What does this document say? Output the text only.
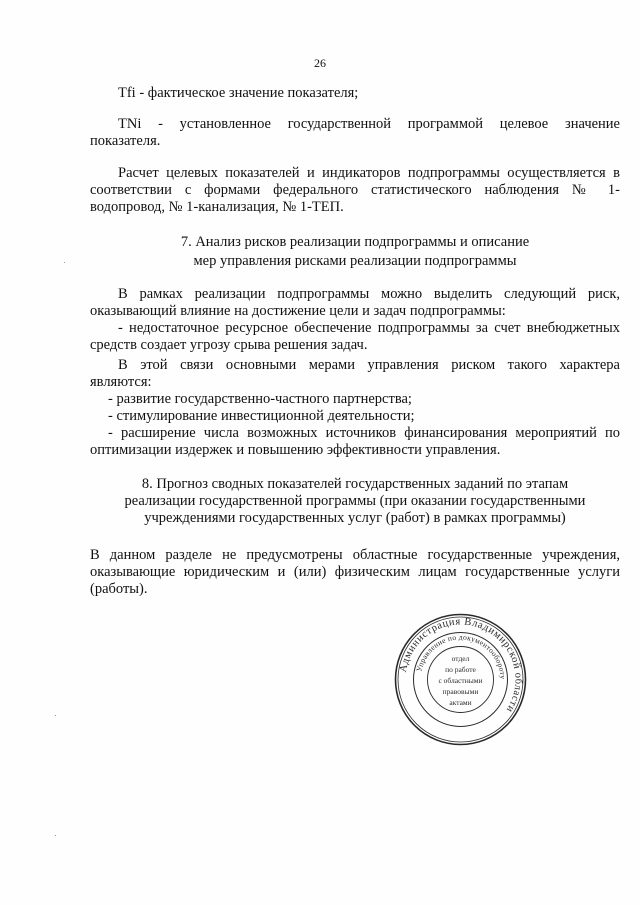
26
Tfi - фактическое значение показателя;
TNi - установленное государственной программой целевое значение
показателя.
Расчет целевых показателей и индикаторов подпрограммы осуществляется в
соответствии с формами федерального статистического наблюдения № 1-
водопровод, № 1-канализация, № 1-ТЕП.
7. Анализ рисков реализации подпрограммы и описание
мер управления рисками реализации подпрограммы
В рамках реализации подпрограммы можно выделить следующий риск,
оказывающий влияние на достижение цели и задач подпрограммы:
- недостаточное ресурсное обеспечение подпрограммы за счет внебюджетных
средств создает угрозу срыва решения задач.
В этой связи основными мерами управления риском такого характера
являются:
- развитие государственно-частного партнерства;
- стимулирование инвестиционной деятельности;
- расширение числа возможных источников финансирования мероприятий по
оптимизации издержек и повышению эффективности управления.
8. Прогноз сводных показателей государственных заданий по этапам
реализации государственной программы (при оказании государственными
учреждениями государственных услуг (работ) в рамках программы)
В данном разделе не предусмотрены областные государственные учреждения,
оказывающие юридическим и (или) физическим лицам государственные услуги
(работы).
Администрация Владимирской области
Управление по документообороту
отдел
по работе
с областными
правовыми
актами
